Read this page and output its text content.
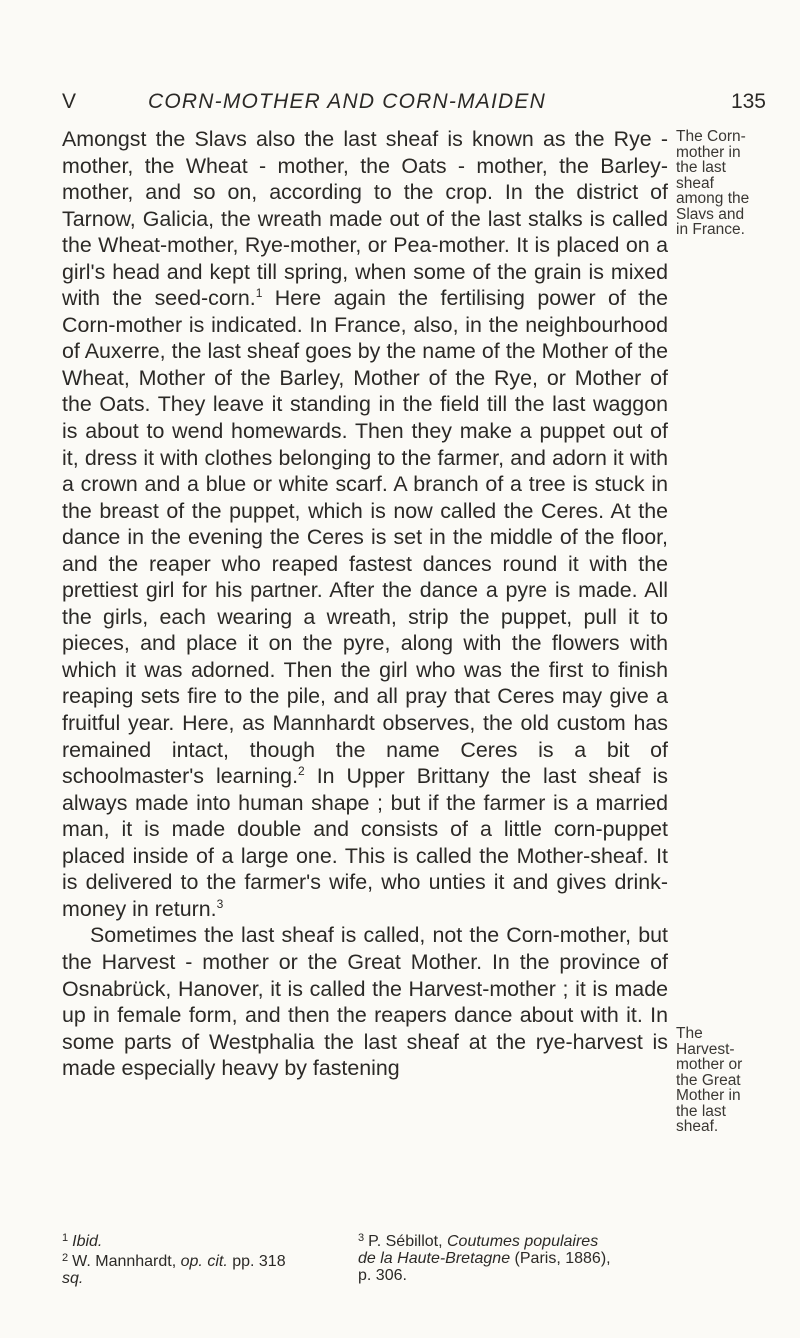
V	CORN-MOTHER AND CORN-MAIDEN	135

Amongst the Slavs also the last sheaf is known as the Rye - mother, the Wheat - mother, the Oats - mother, the Barley-mother, and so on, according to the crop. In the district of Tarnow, Galicia, the wreath made out of the last stalks is called the Wheat-mother, Rye-mother, or Pea-mother. It is placed on a girl's head and kept till spring, when some of the grain is mixed with the seed-corn.$^1$ Here again the fertilising power of the Corn-mother is indicated. In France, also, in the neighbourhood of Auxerre, the last sheaf goes by the name of the Mother of the Wheat, Mother of the Barley, Mother of the Rye, or Mother of the Oats. They leave it standing in the field till the last waggon is about to wend homewards. Then they make a puppet out of it, dress it with clothes belonging to the farmer, and adorn it with a crown and a blue or white scarf. A branch of a tree is stuck in the breast of the puppet, which is now called the Ceres. At the dance in the evening the Ceres is set in the middle of the floor, and the reaper who reaped fastest dances round it with the prettiest girl for his partner. After the dance a pyre is made. All the girls, each wearing a wreath, strip the puppet, pull it to pieces, and place it on the pyre, along with the flowers with which it was adorned. Then the girl who was the first to finish reaping sets fire to the pile, and all pray that Ceres may give a fruitful year. Here, as Mannhardt observes, the old custom has remained intact, though the name Ceres is a bit of schoolmaster's learning.$^2$ In Upper Brittany the last sheaf is always made into human shape ; but if the farmer is a married man, it is made double and consists of a little corn-puppet placed inside of a large one. This is called the Mother-sheaf. It is delivered to the farmer's wife, who unties it and gives drink-money in return.$^3$

Sometimes the last sheaf is called, not the Corn-mother, but the Harvest - mother or the Great Mother. In the province of Osnabrück, Hanover, it is called the Harvest-mother ; it is made up in female form, and then the reapers dance about with it. In some parts of Westphalia the last sheaf at the rye-harvest is made especially heavy by fastening

The Corn-
mother in
the last
sheaf
among the
Slavs and
in France.
The
Harvest-
mother or
the Great
Mother in
the last
sheaf.
$^1$ Ibid.
$^2$ W. Mannhardt, op. cit. pp. 318
sq.
$^3$ P. Sébillot, Coutumes populaires
de la Haute-Bretagne (Paris, 1886),
p. 306.
